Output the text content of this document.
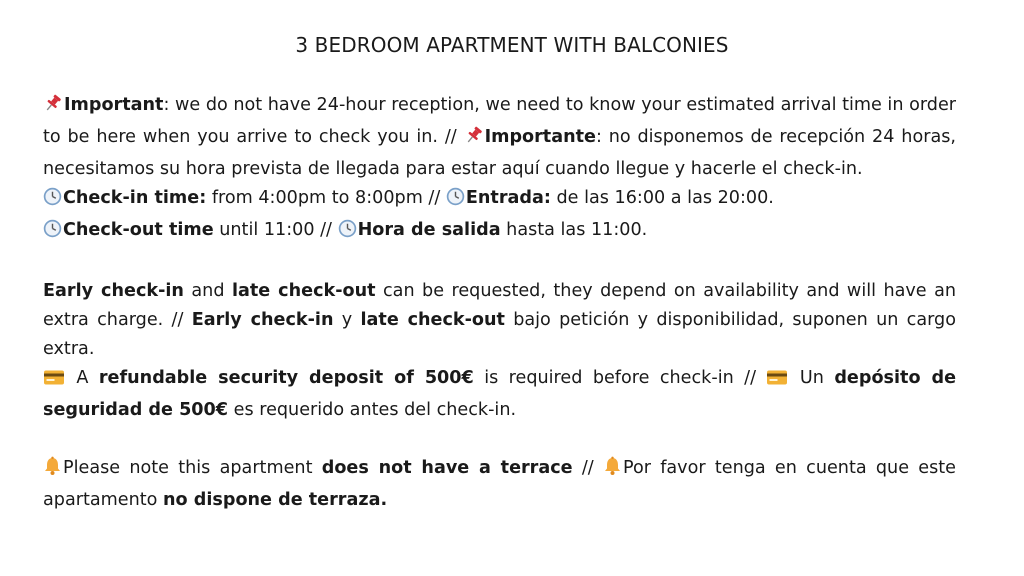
3 BEDROOM APARTMENT WITH BALCONIES

Important: we do not have 24-hour reception, we need to know your estimated arrival time in order to be here when you arrive to check you in. // Importante: no disponemos de recepción 24 horas, necesitamos su hora prevista de llegada para estar aquí cuando llegue y hacerle el check-in.

Check-in time: from 4:00pm to 8:00pm // Entrada: de las 16:00 a las 20:00.

Check-out time until 11:00 // Hora de salida hasta las 11:00.

Early check-in and late check-out can be requested, they depend on availability and will have an extra charge. // Early check-in y late check-out bajo petición y disponibilidad, suponen un cargo extra.

A refundable security deposit of 500€ is required before check-in //  Un depósito de seguridad de 500€ es requerido antes del check-in.

Please note this apartment does not have a terrace // Por favor tenga en cuenta que este apartamento no dispone de terraza.
